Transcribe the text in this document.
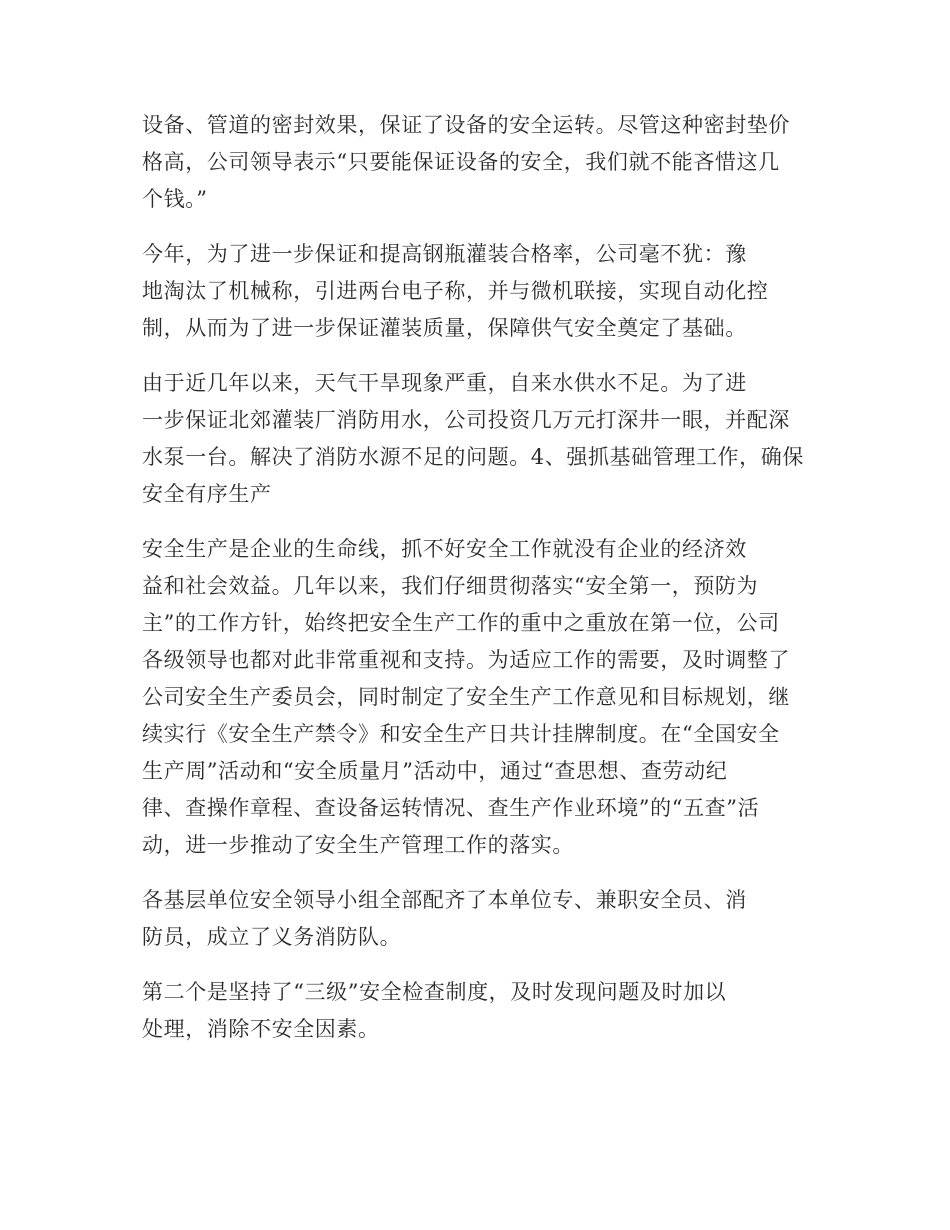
设备、管道的密封效果，保证了设备的安全运转。尽管这种密封垫价
格高，公司领导表示“只要能保证设备的安全，我们就不能吝惜这几
个钱。”

今年，为了进一步保证和提高钢瓶灌装合格率，公司毫不犹：豫
地淘汰了机械称，引进两台电子称，并与微机联接，实现自动化控
制，从而为了进一步保证灌装质量，保障供气安全奠定了基础。

由于近几年以来，天气干旱现象严重，自来水供水不足。为了进
一步保证北郊灌装厂消防用水，公司投资几万元打深井一眼，并配深
水泵一台。解决了消防水源不足的问题。4、强抓基础管理工作，确保
安全有序生产

安全生产是企业的生命线，抓不好安全工作就没有企业的经济效
益和社会效益。几年以来，我们仔细贯彻落实“安全第一，预防为
主”的工作方针，始终把安全生产工作的重中之重放在第一位，公司
各级领导也都对此非常重视和支持。为适应工作的需要，及时调整了
公司安全生产委员会，同时制定了安全生产工作意见和目标规划，继
续实行《安全生产禁令》和安全生产日共计挂牌制度。在“全国安全
生产周”活动和“安全质量月”活动中，通过“查思想、查劳动纪
律、查操作章程、查设备运转情况、查生产作业环境”的“五查”活
动，进一步推动了安全生产管理工作的落实。

各基层单位安全领导小组全部配齐了本单位专、兼职安全员、消
防员，成立了义务消防队。

第二个是坚持了“三级”安全检查制度，及时发现问题及时加以
处理，消除不安全因素。
